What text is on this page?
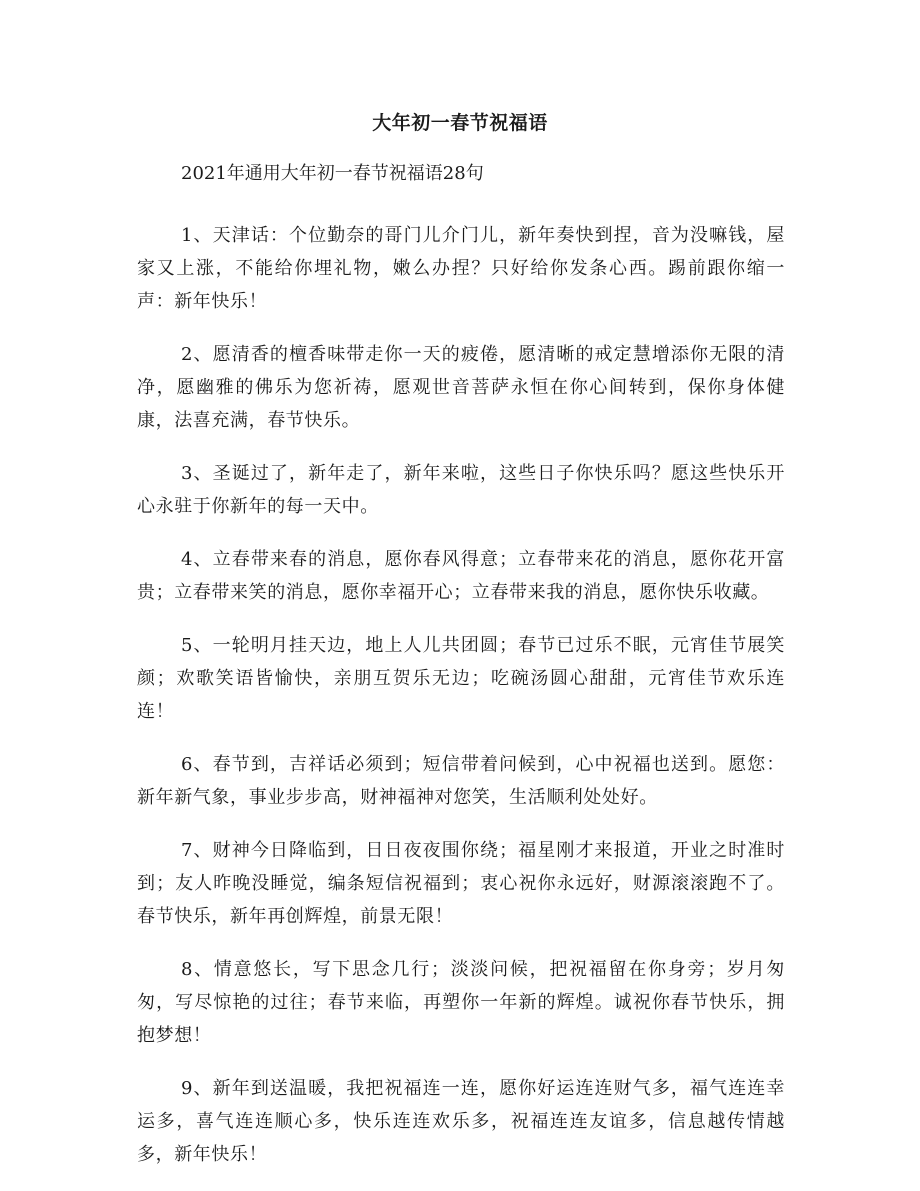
大年初一春节祝福语

2021年通用大年初一春节祝福语28句

1、天津话：个位勤奈的哥门儿介门儿，新年奏快到捏，音为没嘛钱，屋家又上涨，不能给你埋礼物，嫩么办捏？只好给你发条心西。踢前跟你缩一声：新年快乐！

2、愿清香的檀香味带走你一天的疲倦，愿清晰的戒定慧增添你无限的清净，愿幽雅的佛乐为您祈祷，愿观世音菩萨永恒在你心间转到，保你身体健康，法喜充满，春节快乐。

3、圣诞过了，新年走了，新年来啦，这些日子你快乐吗？愿这些快乐开心永驻于你新年的每一天中。

4、立春带来春的消息，愿你春风得意；立春带来花的消息，愿你花开富贵；立春带来笑的消息，愿你幸福开心；立春带来我的消息，愿你快乐收藏。

5、一轮明月挂天边，地上人儿共团圆；春节已过乐不眠，元宵佳节展笑颜；欢歌笑语皆愉快，亲朋互贺乐无边；吃碗汤圆心甜甜，元宵佳节欢乐连连！

6、春节到，吉祥话必须到；短信带着问候到，心中祝福也送到。愿您：新年新气象，事业步步高，财神福神对您笑，生活顺利处处好。

7、财神今日降临到，日日夜夜围你绕；福星刚才来报道，开业之时准时到；友人昨晚没睡觉，编条短信祝福到；衷心祝你永远好，财源滚滚跑不了。春节快乐，新年再创辉煌，前景无限！

8、情意悠长，写下思念几行；淡淡问候，把祝福留在你身旁；岁月匆匆，写尽惊艳的过往；春节来临，再塑你一年新的辉煌。诚祝你春节快乐，拥抱梦想！

9、新年到送温暖，我把祝福连一连，愿你好运连连财气多，福气连连幸运多，喜气连连顺心多，快乐连连欢乐多，祝福连连友谊多，信息越传情越多，新年快乐！
